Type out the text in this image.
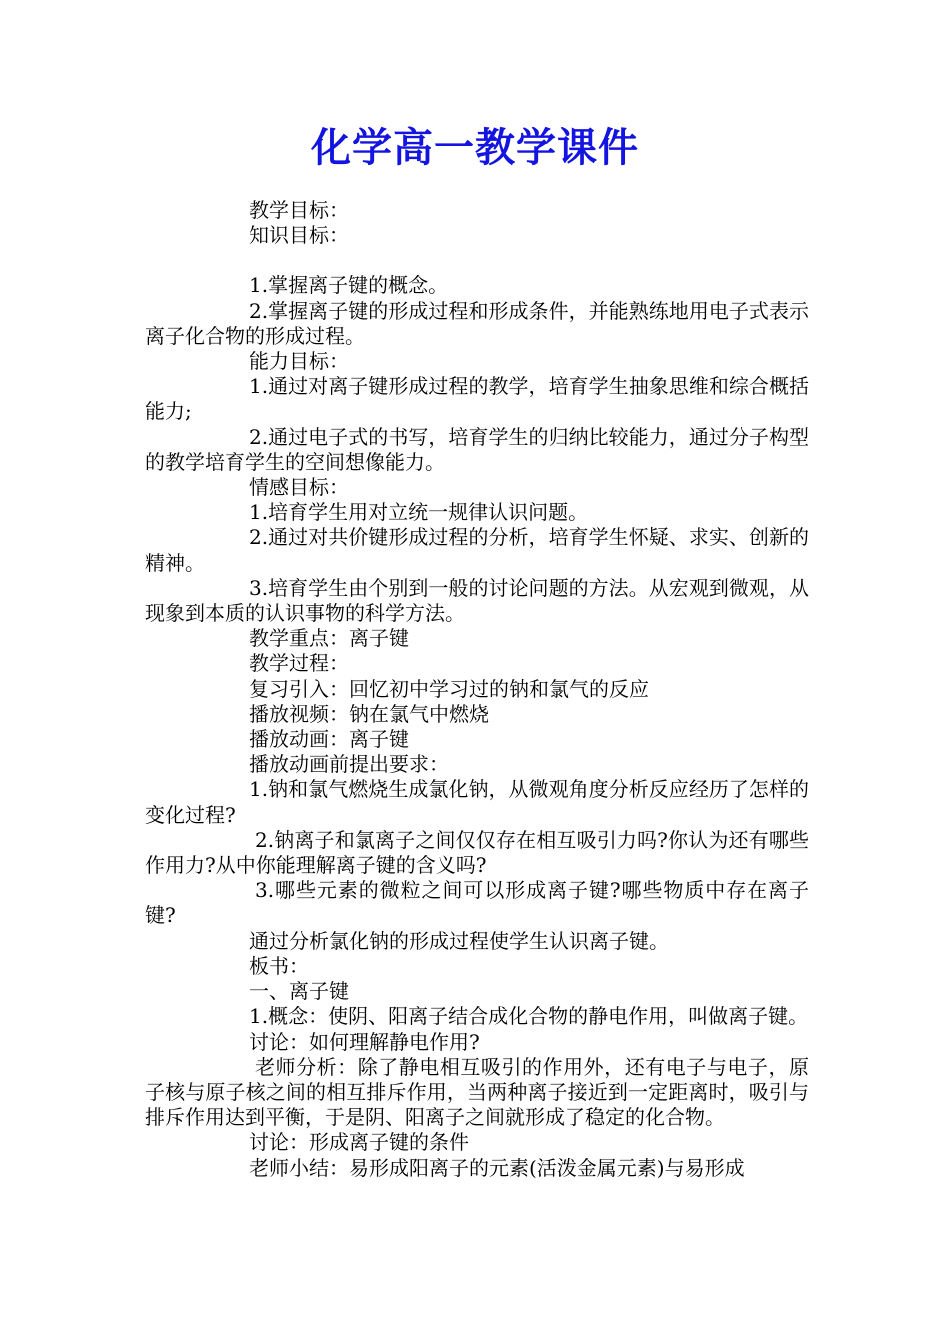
化学高一教学课件

教学目标：

知识目标：

1.掌握离子键的概念。

2.掌握离子键的形成过程和形成条件，并能熟练地用电子式表示离子化合物的形成过程。

能力目标：

1.通过对离子键形成过程的教学，培育学生抽象思维和综合概括能力;

2.通过电子式的书写，培育学生的归纳比较能力，通过分子构型的教学培育学生的空间想像能力。

情感目标：

1.培育学生用对立统一规律认识问题。

2.通过对共价键形成过程的分析，培育学生怀疑、求实、创新的精神。

3.培育学生由个别到一般的讨论问题的方法。从宏观到微观，从现象到本质的认识事物的科学方法。

教学重点：离子键

教学过程：

复习引入：回忆初中学习过的钠和氯气的反应

播放视频：钠在氯气中燃烧

播放动画：离子键

播放动画前提出要求：

1.钠和氯气燃烧生成氯化钠，从微观角度分析反应经历了怎样的变化过程?

2.钠离子和氯离子之间仅仅存在相互吸引力吗?你认为还有哪些作用力?从中你能理解离子键的含义吗?

3.哪些元素的微粒之间可以形成离子键?哪些物质中存在离子键?

通过分析氯化钠的形成过程使学生认识离子键。

板书：

一、离子键

1.概念：使阴、阳离子结合成化合物的静电作用，叫做离子键。

讨论：如何理解静电作用?

老师分析：除了静电相互吸引的作用外，还有电子与电子，原子核与原子核之间的相互排斥作用，当两种离子接近到一定距离时，吸引与排斥作用达到平衡，于是阴、阳离子之间就形成了稳定的化合物。

讨论：形成离子键的条件

老师小结：易形成阳离子的元素(活泼金属元素)与易形成
